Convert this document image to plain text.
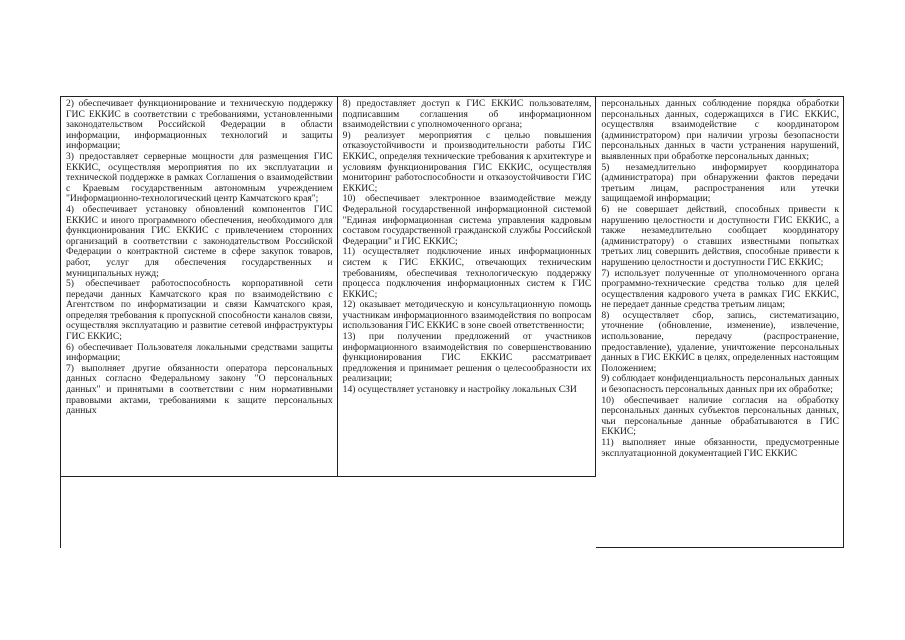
2) обеспечивает функционирование и техническую поддержку ГИС ЕККИС в соответствии с требованиями, установленными законодательством Российской Федерации в области информации, информационных технологий и защиты информации;

3) предоставляет серверные мощности для размещения ГИС ЕККИС, осуществляя мероприятия по их эксплуатации и технической поддержке в рамках Соглашения о взаимодействии с Краевым государственным автономным учреждением "Информационно-технологический центр Камчатского края";

4) обеспечивает установку обновлений компонентов ГИС ЕККИС и иного программного обеспечения, необходимого для функционирования ГИС ЕККИС с привлечением сторонних организаций в соответствии с законодательством Российской Федерации о контрактной системе в сфере закупок товаров, работ, услуг для обеспечения государственных и муниципальных нужд;

5) обеспечивает работоспособность корпоративной сети передачи данных Камчатского края по взаимодействию с Агентством по информатизации и связи Камчатского края, определяя требования к пропускной способности каналов связи, осуществляя эксплуатацию и развитие сетевой инфраструктуры ГИС ЕККИС;

6) обеспечивает Пользователя локальными средствами защиты информации;

7) выполняет другие обязанности оператора персональных данных согласно Федеральному закону "О персональных данных" и принятыми в соответствии с ним нормативными правовыми актами, требованиями к защите персональных данных

8) предоставляет доступ к ГИС ЕККИС пользователям, подписавшим соглашения об информационном взаимодействии с уполномоченного органа;

9) реализует мероприятия с целью повышения отказоустойчивости и производительности работы ГИС ЕККИС, определяя технические требования к архитектуре и условиям функционирования ГИС ЕККИС, осуществляя мониторинг работоспособности и отказоустойчивости ГИС ЕККИС;

10) обеспечивает электронное взаимодействие между Федеральной государственной информационной системой "Единая информационная система управления кадровым составом государственной гражданской службы Российской Федерации" и ГИС ЕККИС;

11) осуществляет подключение иных информационных систем к ГИС ЕККИС, отвечающих техническим требованиям, обеспечивая технологическую поддержку процесса подключения информационных систем к ГИС ЕККИС;

12) оказывает методическую и консультационную помощь участникам информационного взаимодействия по вопросам использования ГИС ЕККИС в зоне своей ответственности;

13) при получении предложений от участников информационного взаимодействия по совершенствованию функционирования ГИС ЕККИС рассматривает предложения и принимает решения о целесообразности их реализации;

14) осуществляет установку и настройку локальных СЗИ

персональных данных соблюдение порядка обработки персональных данных, содержащихся в ГИС ЕККИС, осуществляя взаимодействие с координатором (администратором) при наличии угрозы безопасности персональных данных в части устранения нарушений, выявленных при обработке персональных данных;

5) незамедлительно информирует координатора (администратора) при обнаружении фактов передачи третьим лицам, распространения или утечки защищаемой информации;

6) не совершает действий, способных привести к нарушению целостности и доступности ГИС ЕККИС, а также незамедлительно сообщает координатору (администратору) о ставших известными попытках третьих лиц совершить действия, способные привести к нарушению целостности и доступности ГИС ЕККИС;

7) использует полученные от уполномоченного органа программно-технические средства только для целей осуществления кадрового учета в рамках ГИС ЕККИС, не передает данные средства третьим лицам;

8) осуществляет сбор, запись, систематизацию, уточнение (обновление, изменение), извлечение, использование, передачу (распространение, предоставление), удаление, уничтожение персональных данных в ГИС ЕККИС в целях, определенных настоящим Положением;

9) соблюдает конфиденциальность персональных данных и безопасность персональных данных при их обработке;

10) обеспечивает наличие согласия на обработку персональных данных субъектов персональных данных, чьи персональные данные обрабатываются в ГИС ЕККИС;

11) выполняет иные обязанности, предусмотренные эксплуатационной документацией ГИС ЕККИС
